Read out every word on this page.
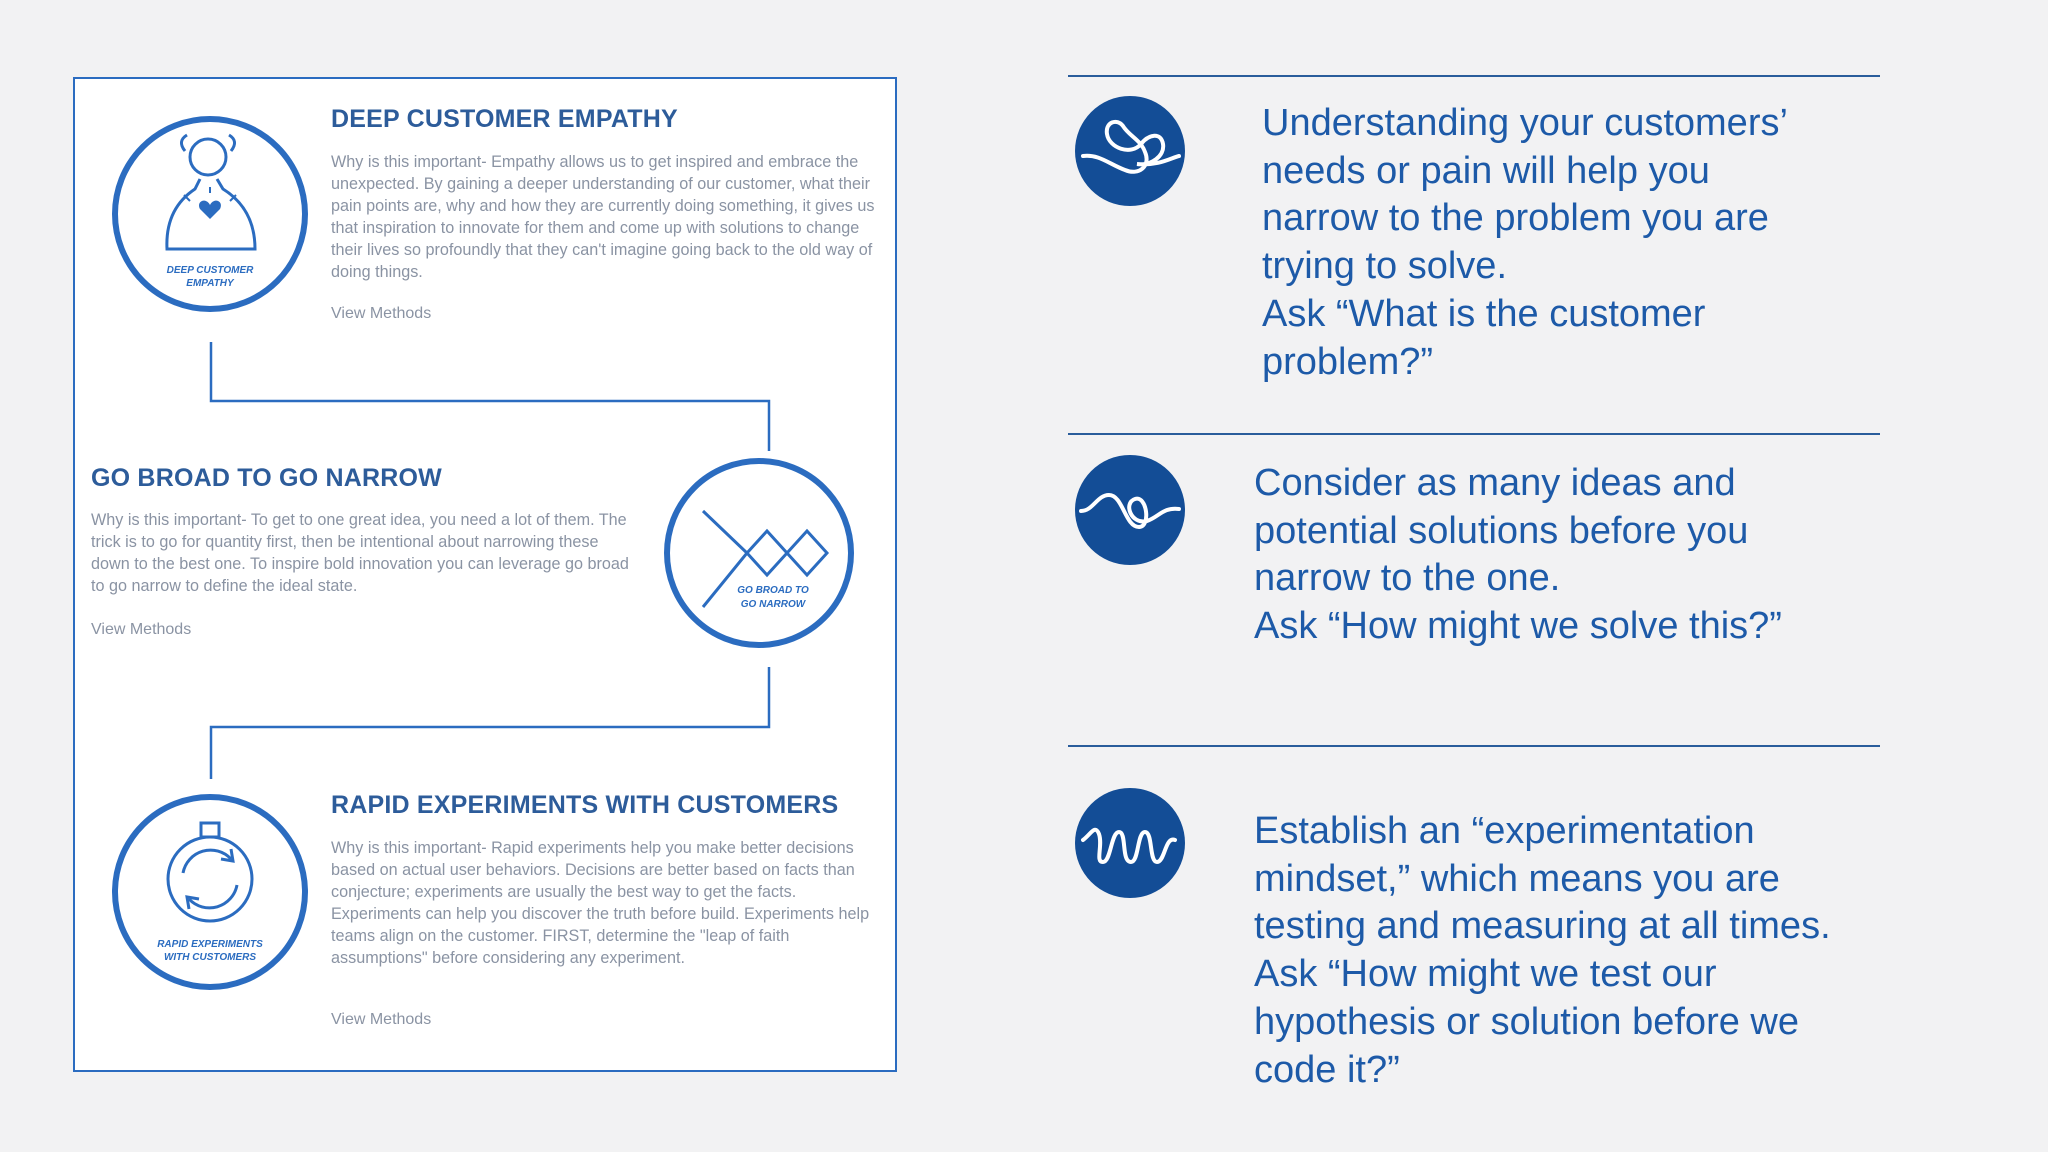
DEEP CUSTOMER
EMPATHY
DEEP CUSTOMER EMPATHY
Why is this important- Empathy allows us to get inspired and embrace the unexpected. By gaining a deeper understanding of our customer, what their pain points are, why and how they are currently doing something, it gives us that inspiration to innovate for them and come up with solutions to change their lives so profoundly that they can't imagine going back to the old way of doing things.
View Methods
GO BROAD TO GO NARROW
Why is this important- To get to one great idea, you need a lot of them. The trick is to go for quantity first, then be intentional about narrowing these down to the best one. To inspire bold innovation you can leverage go broad to go narrow to define the ideal state.
View Methods
GO BROAD TO
GO NARROW
RAPID EXPERIMENTS
WITH CUSTOMERS
RAPID EXPERIMENTS WITH CUSTOMERS
Why is this important- Rapid experiments help you make better decisions based on actual user behaviors. Decisions are better based on facts than conjecture; experiments are usually the best way to get the facts. Experiments can help you discover the truth before build. Experiments help teams align on the customer. FIRST, determine the "leap of faith assumptions" before considering any experiment.
View Methods
Understanding your customers’
needs or pain will help you
narrow to the problem you are
trying to solve.
Ask “What is the customer
problem?”
Consider as many ideas and
potential solutions before you
narrow to the one.
Ask “How might we solve this?”
Establish an “experimentation
mindset,” which means you are
testing and measuring at all times.
Ask “How might we test our
hypothesis or solution before we
code it?”
